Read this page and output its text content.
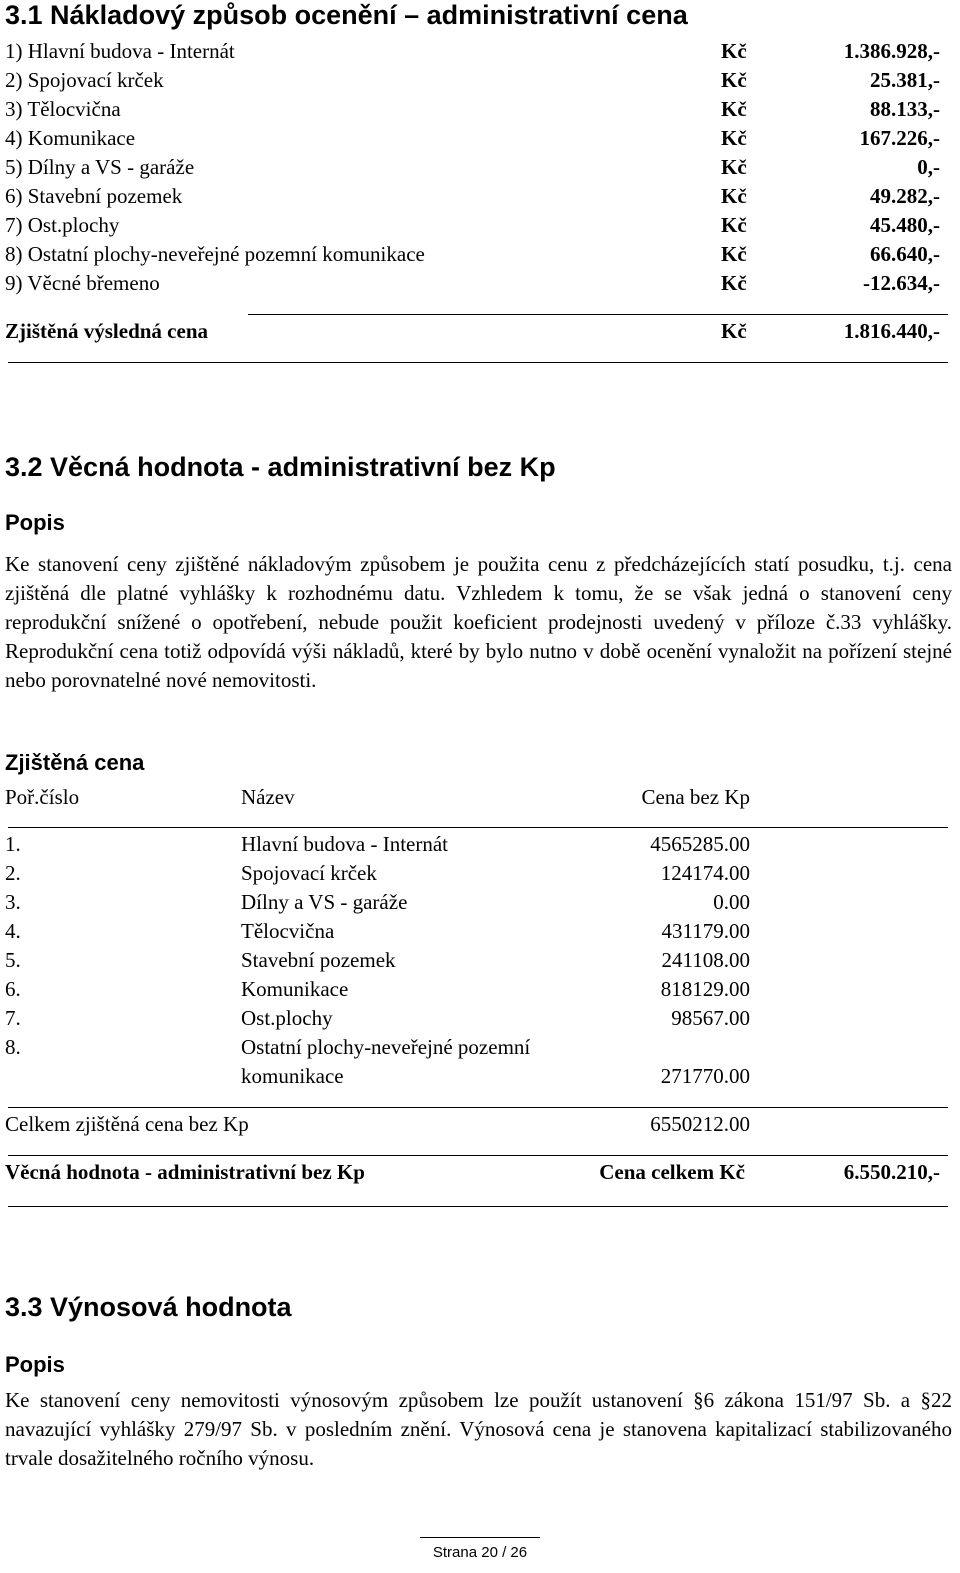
3.1 Nákladový způsob ocenění – administrativní cena
1) Hlavní budova - Internát	Kč	1.386.928,-
2) Spojovací krček	Kč	25.381,-
3) Tělocvična	Kč	88.133,-
4) Komunikace	Kč	167.226,-
5) Dílny a VS - garáže	Kč	0,-
6) Stavební pozemek	Kč	49.282,-
7) Ost.plochy	Kč	45.480,-
8) Ostatní plochy-neveřejné pozemní komunikace	Kč	66.640,-
9) Věcné břemeno	Kč	-12.634,-
Zjištěná výsledná cena	Kč	1.816.440,-
3.2 Věcná hodnota - administrativní bez Kp
Popis
Ke stanovení ceny zjištěné nákladovým způsobem je použita cenu z předcházejících statí posudku, t.j. cena zjištěná dle platné vyhlášky k rozhodnému datu. Vzhledem k tomu, že se však jedná o stanovení ceny reprodukční snížené o opotřebení, nebude použit koeficient prodejnosti uvedený v příloze č.33 vyhlášky. Reprodukční cena totiž odpovídá výši nákladů, které by bylo nutno v době ocenění vynaložit na pořízení stejné nebo porovnatelné nové nemovitosti.
Zjištěná cena
Poř.číslo	Název	Cena bez Kp
1.	Hlavní budova - Internát	4565285.00
2.	Spojovací krček	124174.00
3.	Dílny a VS - garáže	0.00
4.	Tělocvična	431179.00
5.	Stavební pozemek	241108.00
6.	Komunikace	818129.00
7.	Ost.plochy	98567.00
8.	Ostatní plochy-neveřejné pozemní
komunikace	271770.00
Celkem zjištěná cena bez Kp	6550212.00
Věcná hodnota - administrativní bez Kp	Cena celkem Kč	6.550.210,-
3.3 Výnosová hodnota
Popis
Ke stanovení ceny nemovitosti výnosovým způsobem lze použít ustanovení §6 zákona 151/97 Sb. a §22 navazující vyhlášky 279/97 Sb. v posledním znění. Výnosová cena je stanovena kapitalizací stabilizovaného trvale dosažitelného ročního výnosu.
Strana 20 / 26
